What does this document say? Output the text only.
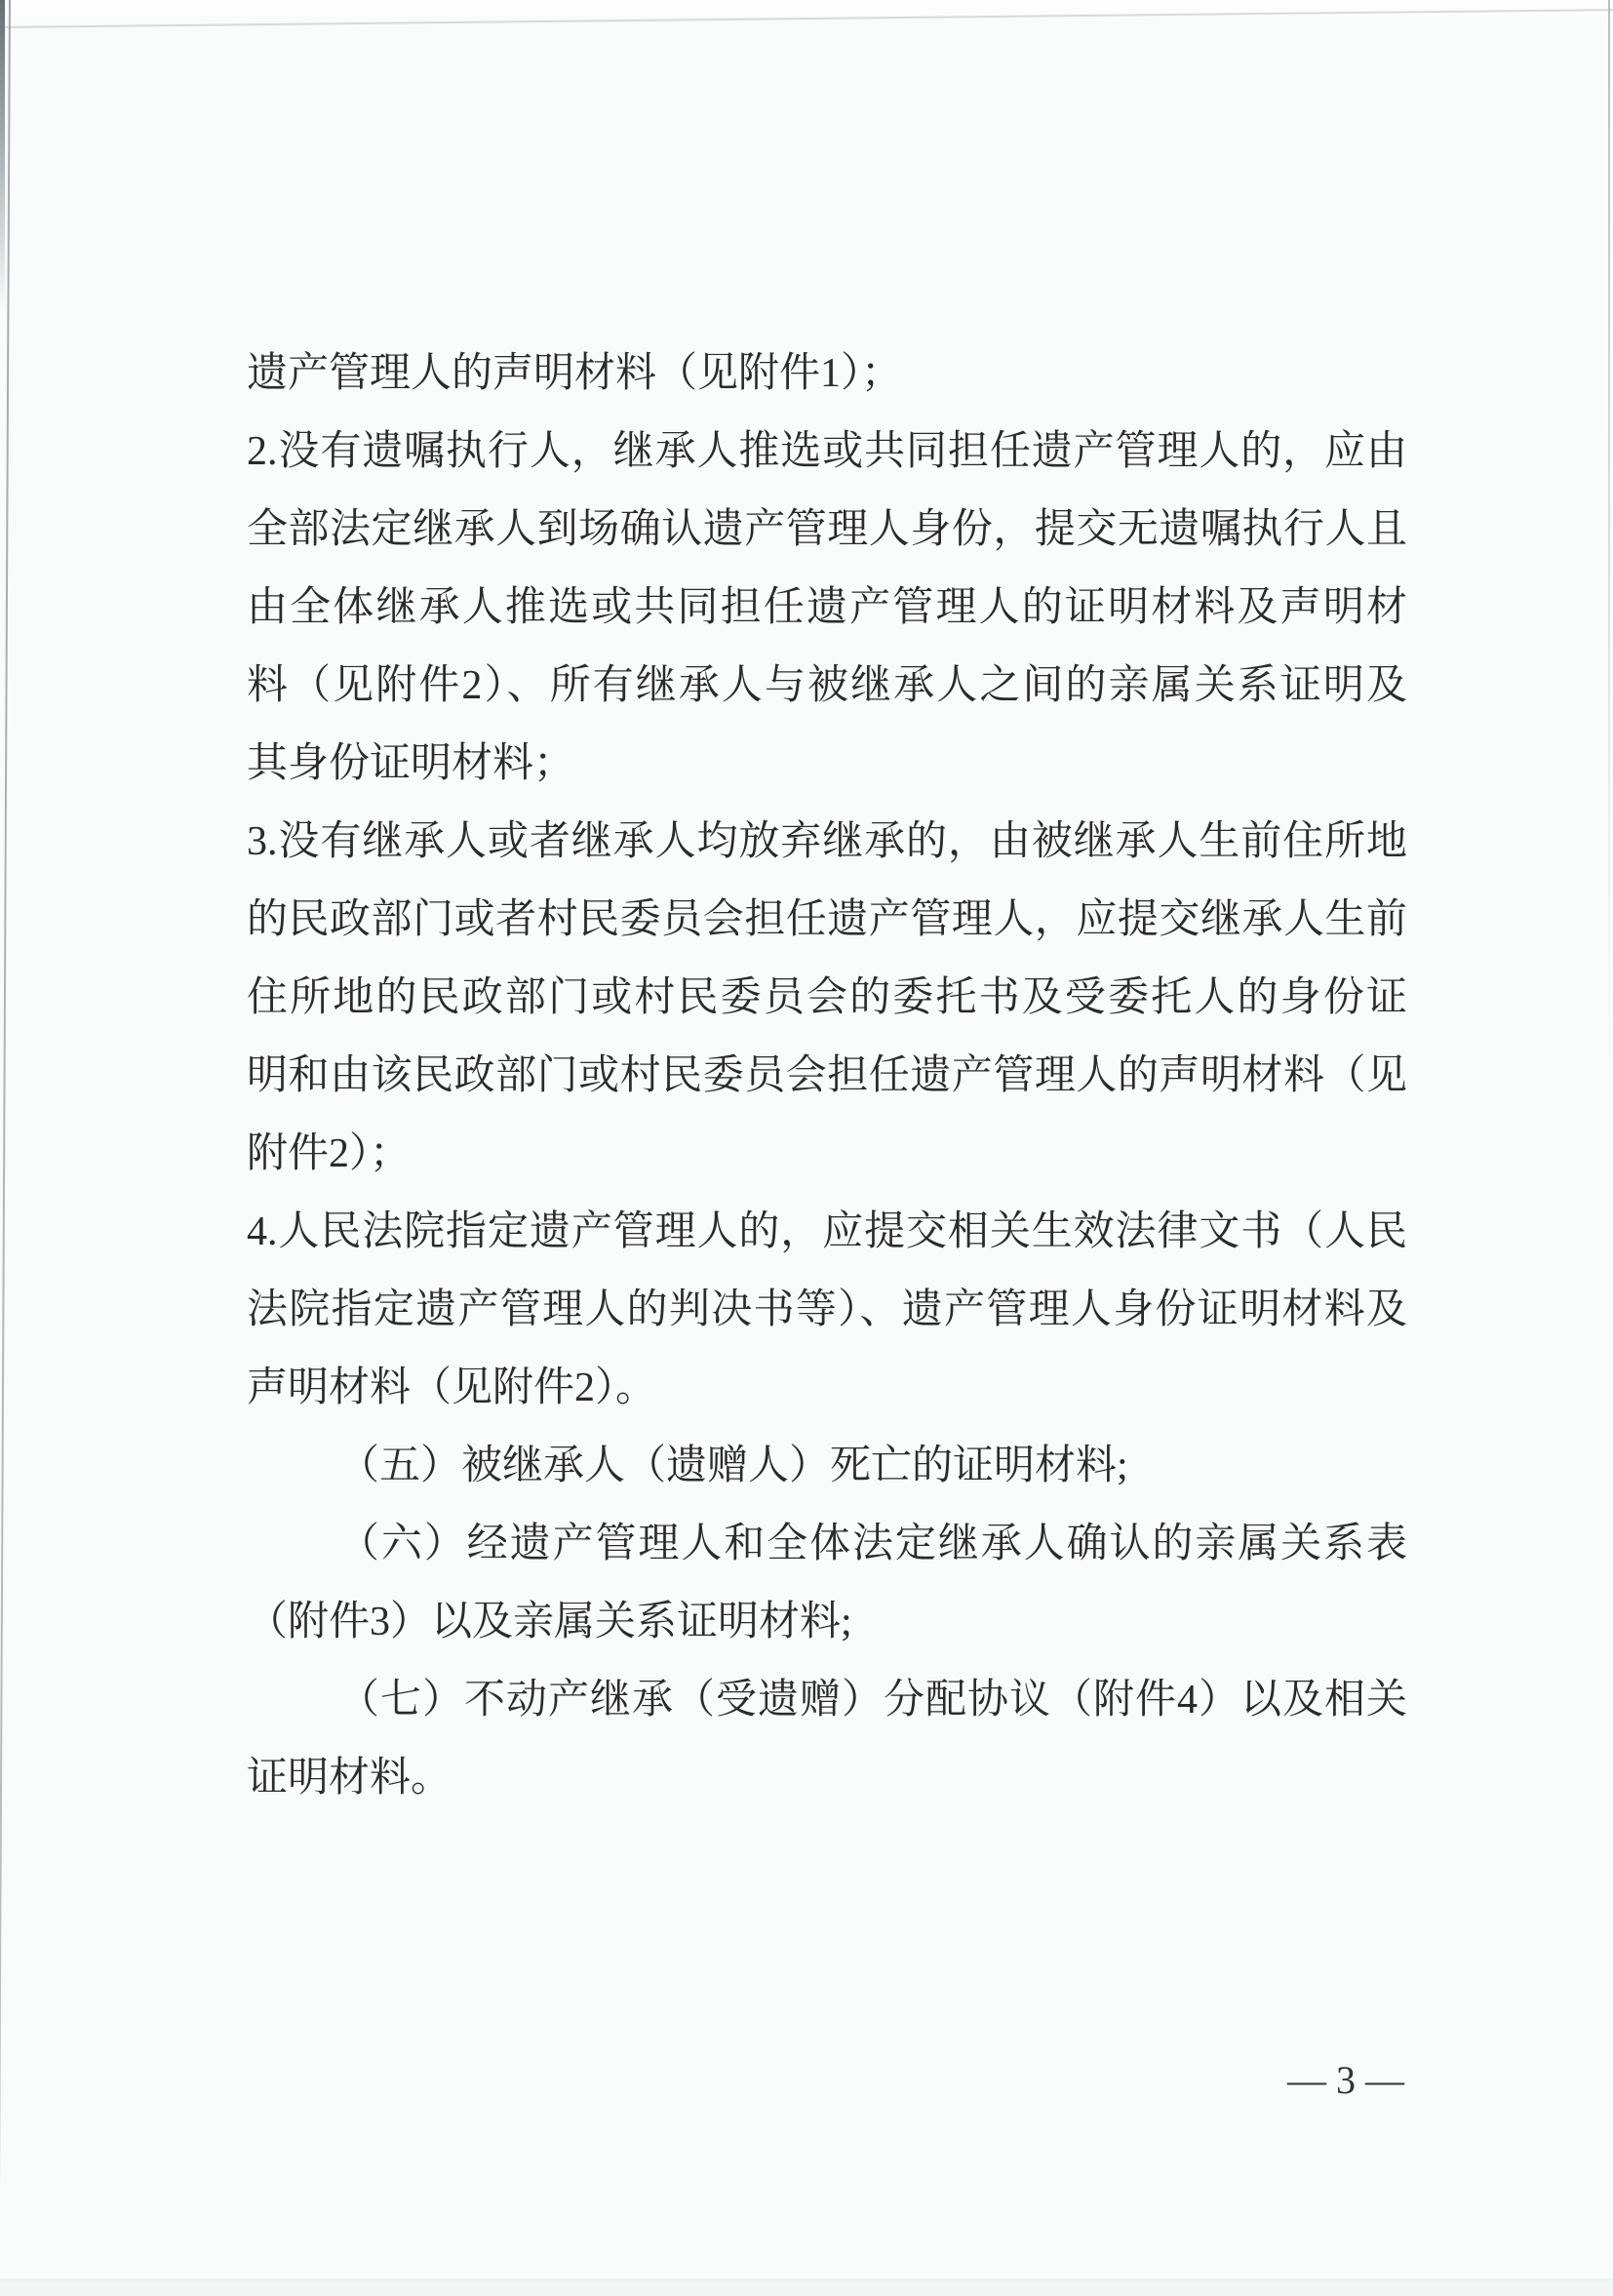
遗产管理人的声明材料（见附件1）；
2.没有遗嘱执行人，继承人推选或共同担任遗产管理人的，应由
全部法定继承人到场确认遗产管理人身份，提交无遗嘱执行人且
由全体继承人推选或共同担任遗产管理人的证明材料及声明材
料（见附件2）、所有继承人与被继承人之间的亲属关系证明及
其身份证明材料；
3.没有继承人或者继承人均放弃继承的，由被继承人生前住所地
的民政部门或者村民委员会担任遗产管理人，应提交继承人生前
住所地的民政部门或村民委员会的委托书及受委托人的身份证
明和由该民政部门或村民委员会担任遗产管理人的声明材料（见
附件2）；
4.人民法院指定遗产管理人的，应提交相关生效法律文书（人民
法院指定遗产管理人的判决书等）、遗产管理人身份证明材料及
声明材料（见附件2）。
（五）被继承人（遗赠人）死亡的证明材料;
（六）经遗产管理人和全体法定继承人确认的亲属关系表
（附件3）以及亲属关系证明材料;
（七）不动产继承（受遗赠）分配协议（附件4）以及相关
证明材料。
— 3 —
